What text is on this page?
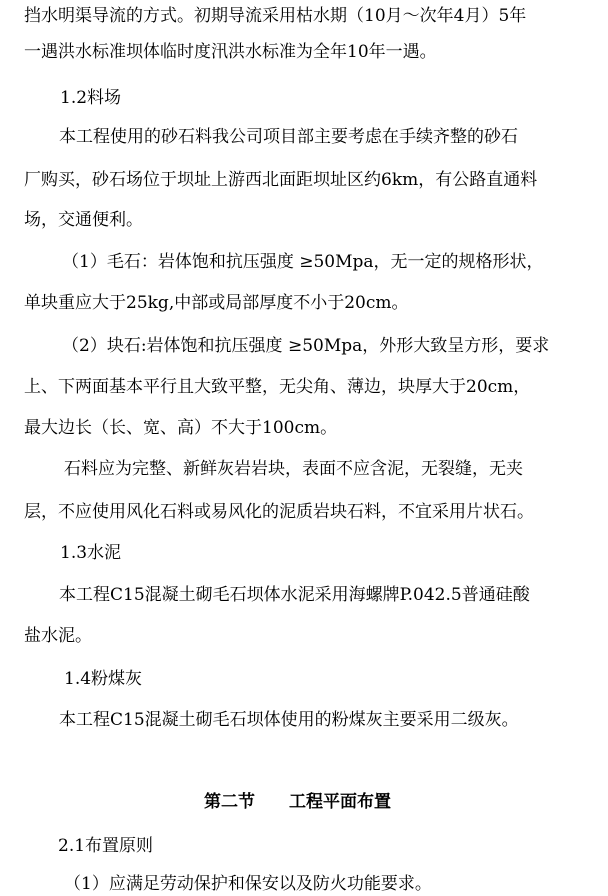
挡水明渠导流的方式。初期导流采用枯水期（10月～次年4月）5年
一遇洪水标准坝体临时度汛洪水标准为全年10年一遇。
1.2料场
本工程使用的砂石料我公司项目部主要考虑在手续齐整的砂石
厂购买，砂石场位于坝址上游西北面距坝址区约6km，有公路直通料
场，交通便利。
（1）毛石：岩体饱和抗压强度 ≥50Mpa，无一定的规格形状，
单块重应大于25kg,中部或局部厚度不小于20cm。
（2）块石:岩体饱和抗压强度 ≥50Mpa，外形大致呈方形，要求
上、下两面基本平行且大致平整，无尖角、薄边，块厚大于20cm，
最大边长（长、宽、高）不大于100cm。
石料应为完整、新鲜灰岩岩块，表面不应含泥，无裂缝，无夹
层，不应使用风化石料或易风化的泥质岩块石料，不宜采用片状石。
1.3水泥
本工程C15混凝土砌毛石坝体水泥采用海螺牌P.042.5普通硅酸
盐水泥。
1.4粉煤灰
本工程C15混凝土砌毛石坝体使用的粉煤灰主要采用二级灰。
第二节　　工程平面布置
2.1布置原则
（1）应满足劳动保护和保安以及防火功能要求。
